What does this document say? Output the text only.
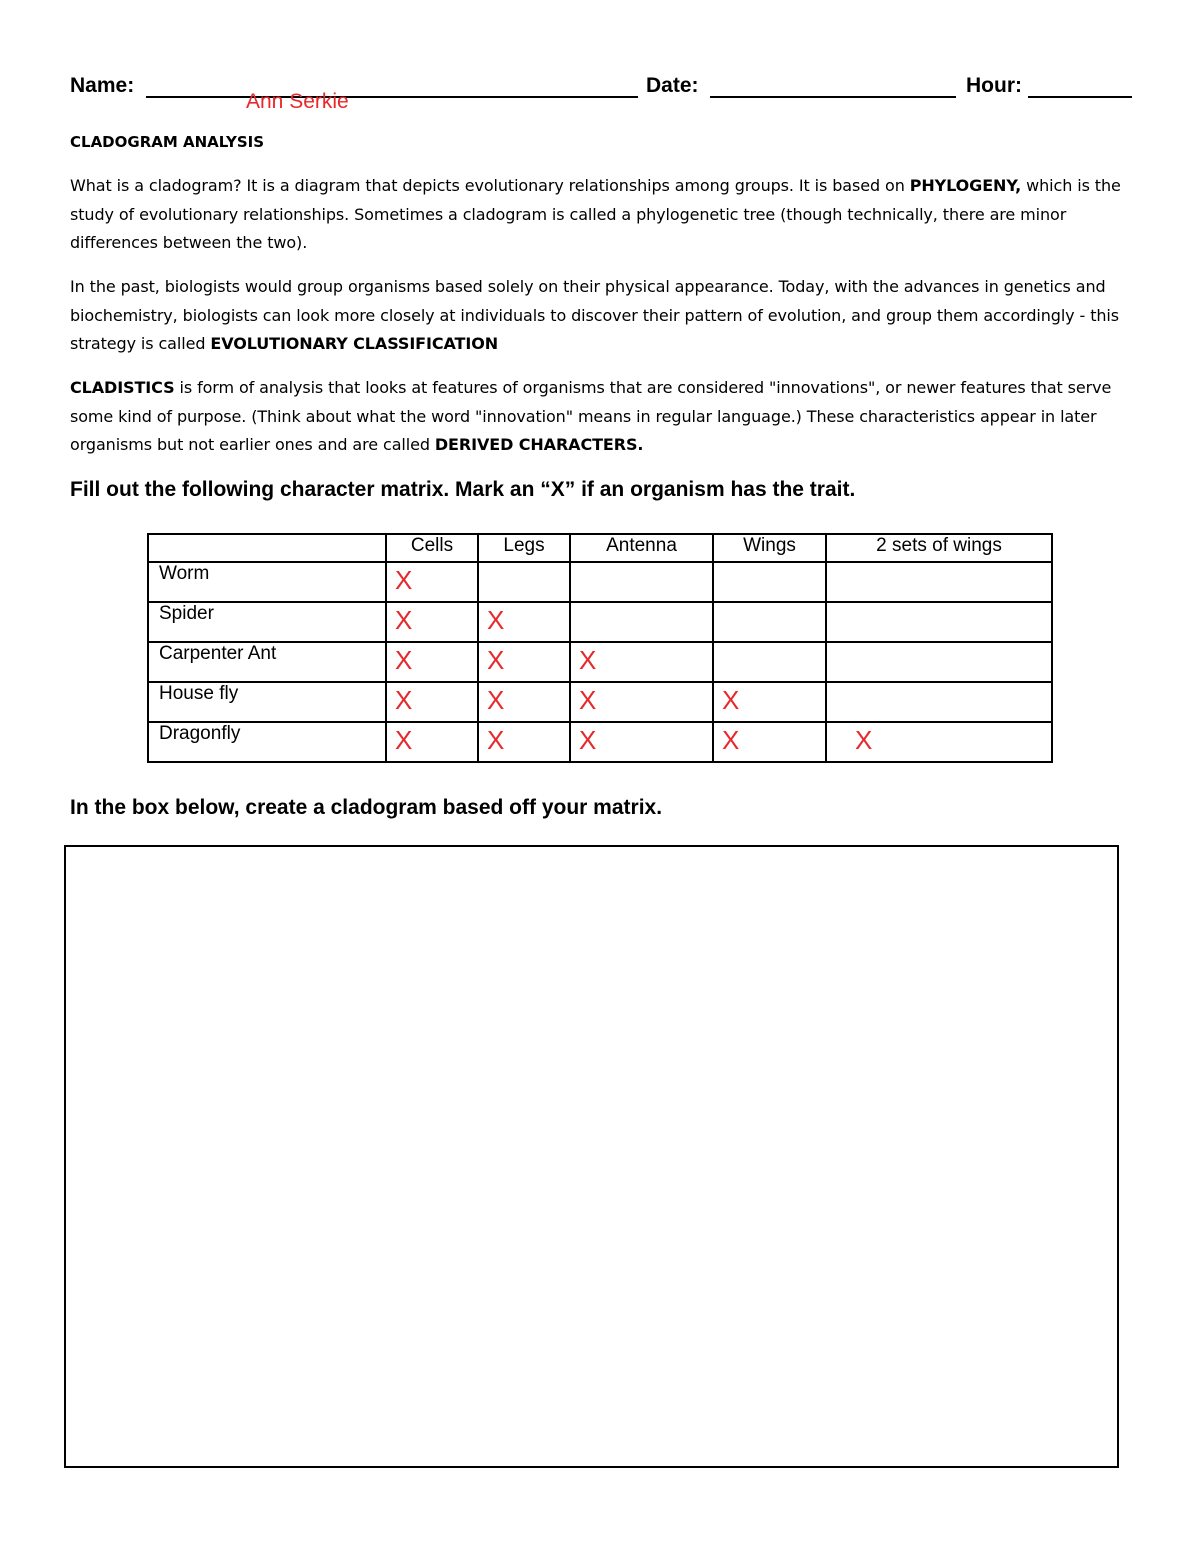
Name:
Ann Serkie
Date:	Hour:
CLADOGRAM ANALYSIS
What is a cladogram? It is a diagram that depicts evolutionary relationships among groups. It is based on PHYLOGENY, which is the study of evolutionary relationships. Sometimes a cladogram is called a phylogenetic tree (though technically, there are minor differences between the two).
In the past, biologists would group organisms based solely on their physical appearance. Today, with the advances in genetics and biochemistry, biologists can look more closely at individuals to discover their pattern of evolution, and group them accordingly - this strategy is called EVOLUTIONARY CLASSIFICATION
CLADISTICS is form of analysis that looks at features of organisms that are considered "innovations", or newer features that serve some kind of purpose. (Think about what the word "innovation" means in regular language.) These characteristics appear in later organisms but not earlier ones and are called DERIVED CHARACTERS.
Fill out the following character matrix. Mark an “X” if an organism has the trait.
	Cells	Legs	Antenna	Wings	2 sets of wings
Worm	X				
Spider	X	X			
Carpenter Ant	X	X	X		
House fly	X	X	X	X	
Dragonfly	X	X	X	X	X
In the box below, create a cladogram based off your matrix.
